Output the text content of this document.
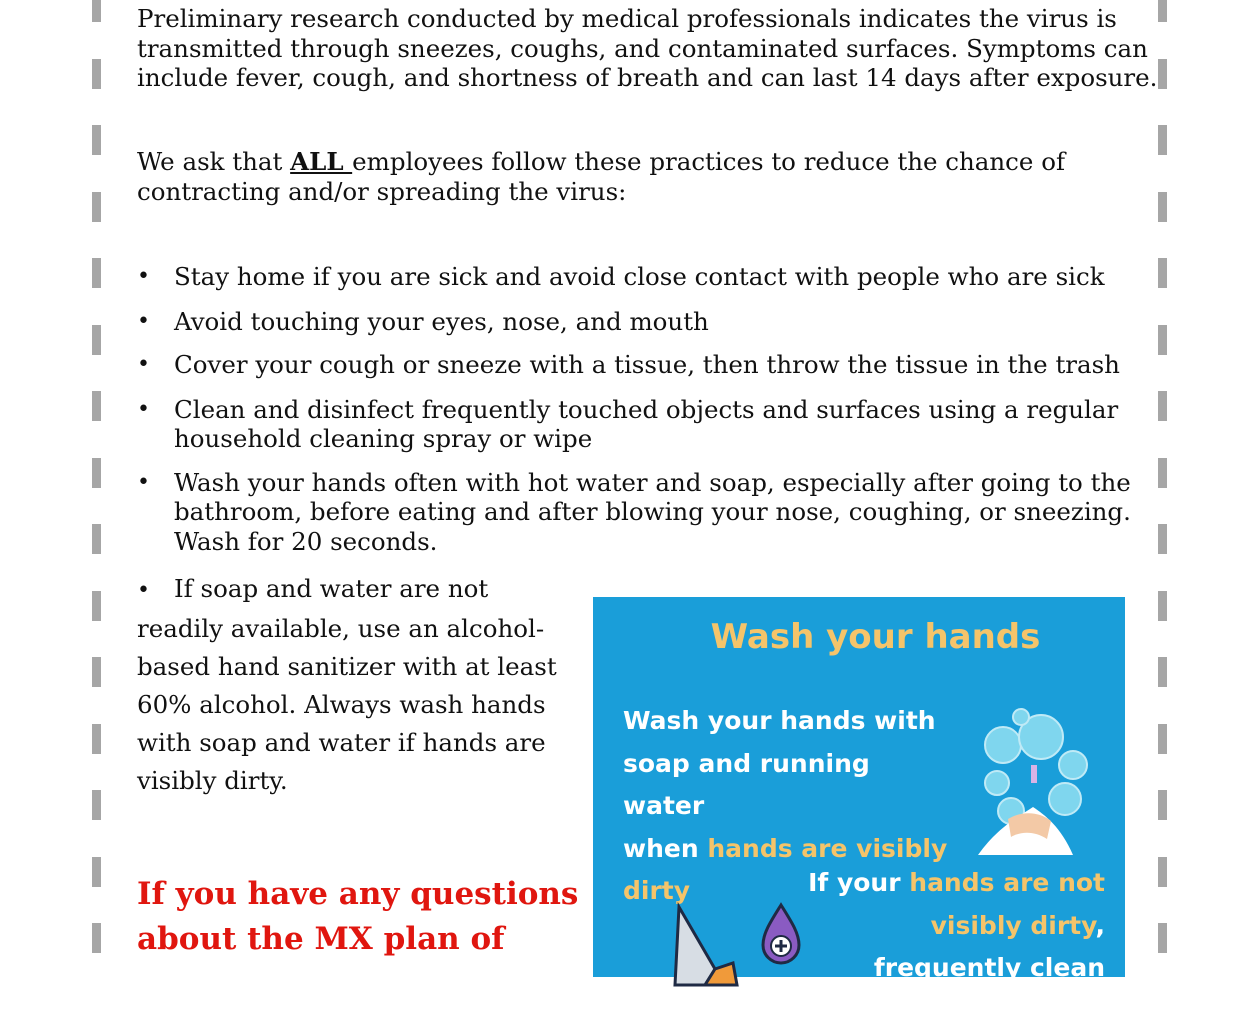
Preliminary research conducted by medical professionals indicates the virus is
transmitted through sneezes, coughs, and contaminated surfaces. Symptoms can
include fever, cough, and shortness of breath and can last 14 days after exposure.

We ask that ALL employees follow these practices to reduce the chance of
contracting and/or spreading the virus:

• Stay home if you are sick and avoid close contact with people who are sick
• Avoid touching your eyes, nose, and mouth
• Cover your cough or sneeze with a tissue, then throw the tissue in the trash
• Clean and disinfect frequently touched objects and surfaces using a regular
household cleaning spray or wipe
• Wash your hands often with hot water and soap, especially after going to the
bathroom, before eating and after blowing your nose, coughing, or sneezing.
Wash for 20 seconds.

• If soap and water are not readily available, use an alcohol-based hand sanitizer with at least 60% alcohol. Always wash hands with soap and water if hands are visibly dirty.

If you have any questions
about the MX plan of

Wash your hands
Wash your hands with
soap and running water
when hands are visibly
dirty	If your hands are not
visibly dirty,
frequently clean them
